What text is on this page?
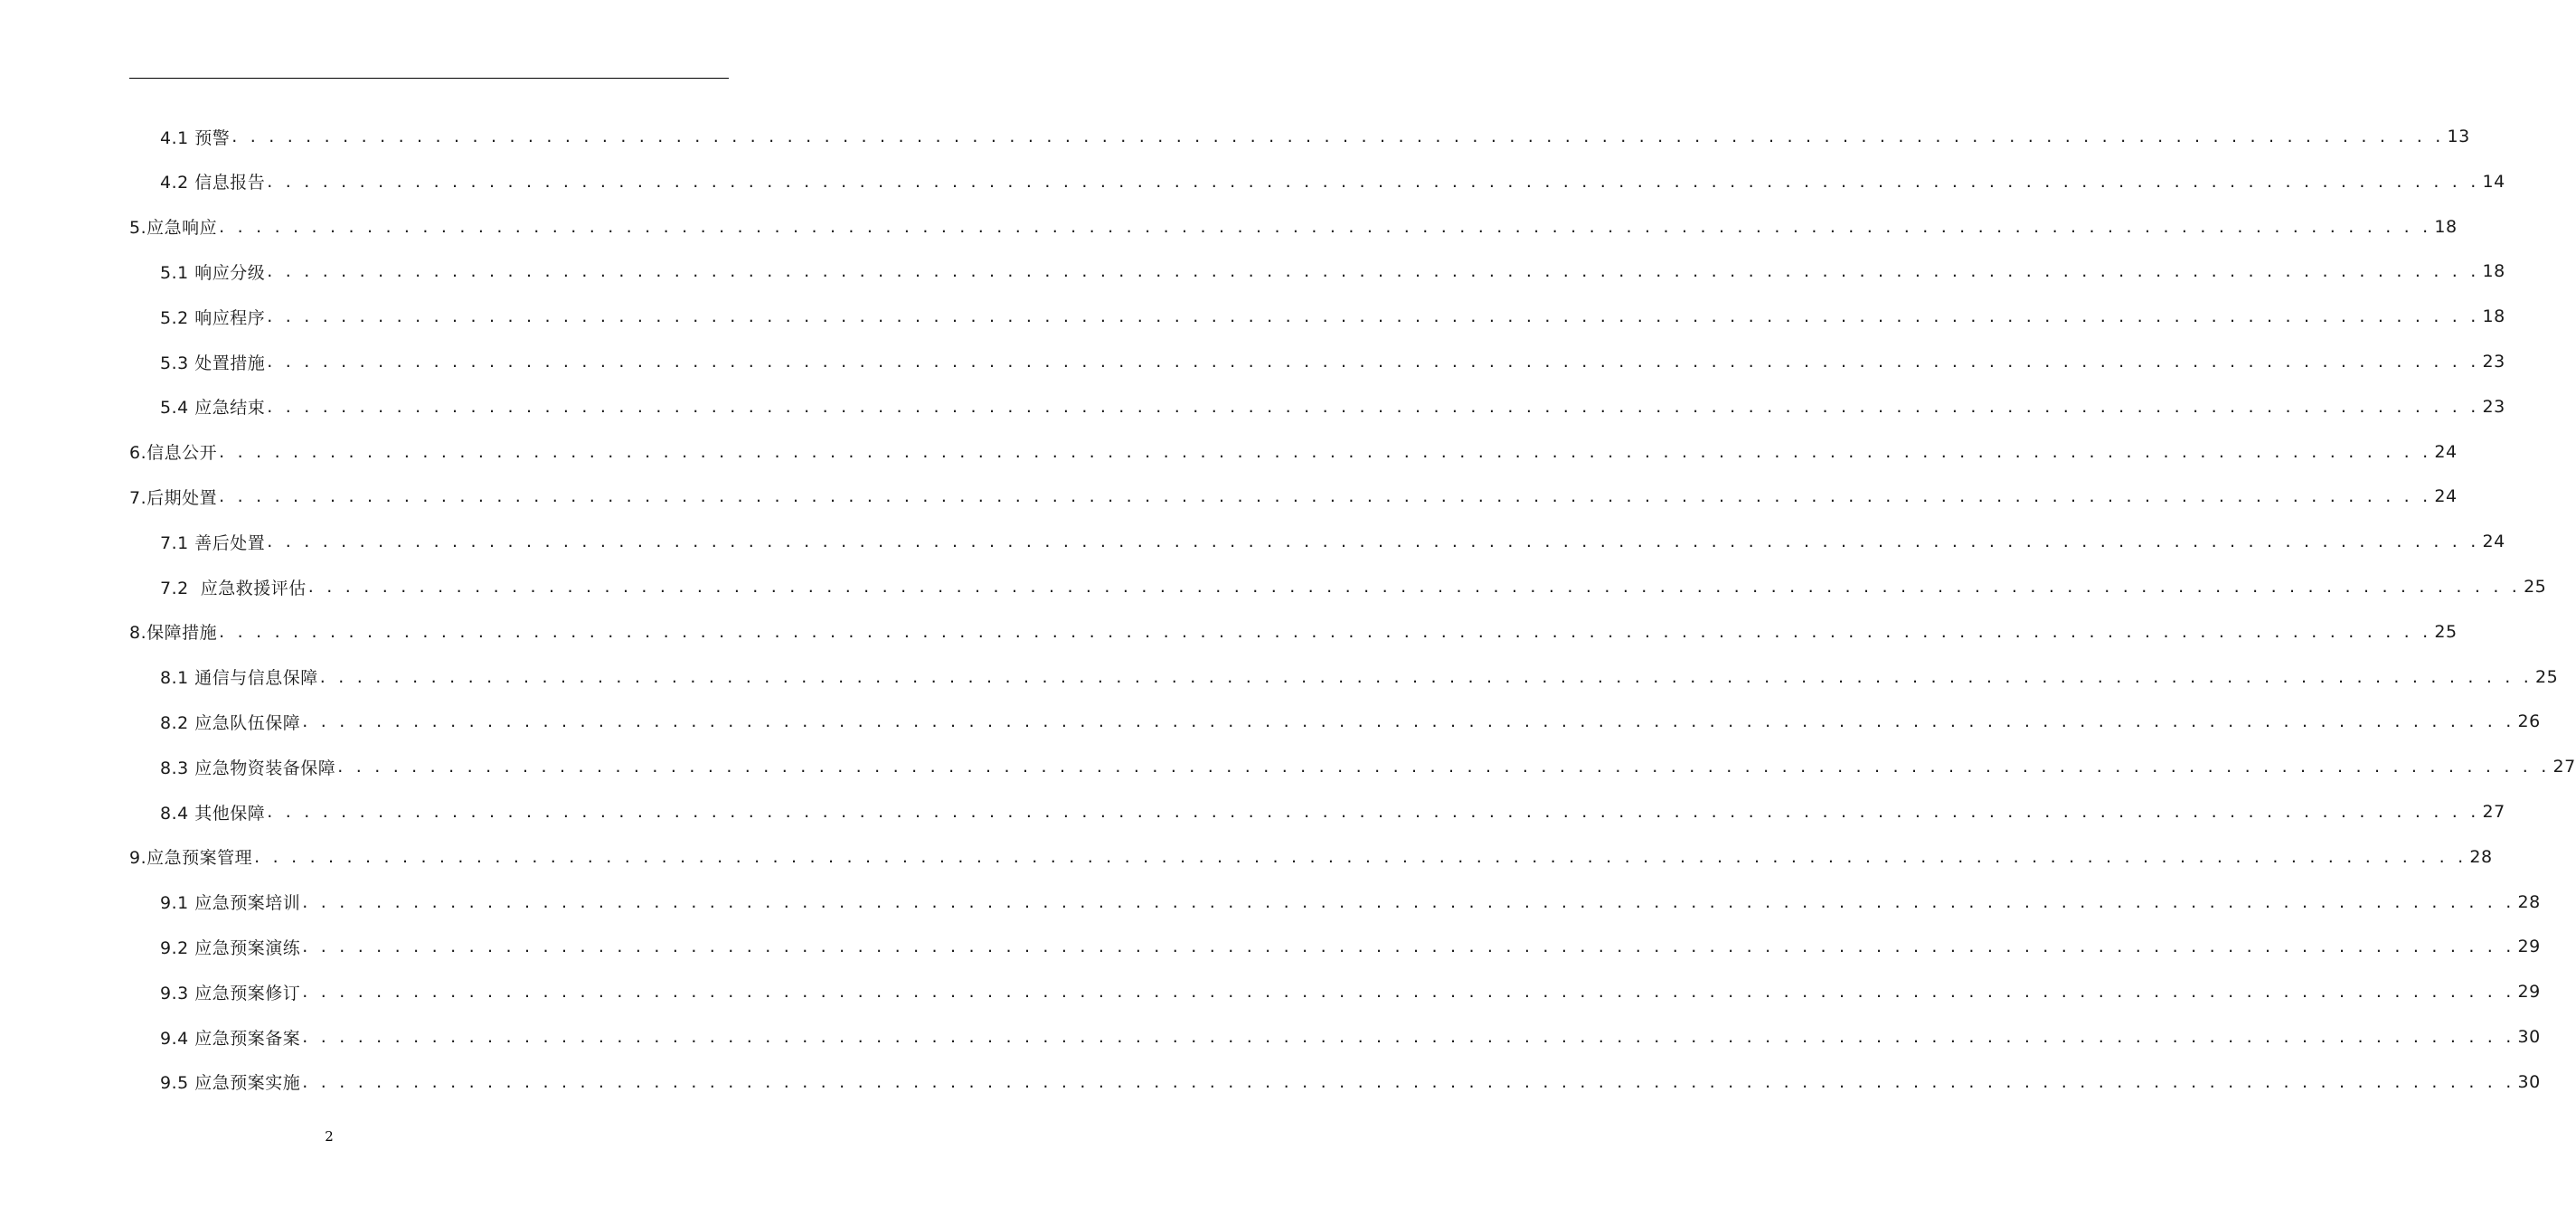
4.1 预警 . . . . . . . . . . . . . . . . . . . . . . . . . . . . . . . . . . . . . . . . . . . . . . . . . . . . . . . . . . . . . . . . . . . . . . . . . . . . . . . . . . . . . . . . . . . . . . . . . . . . . . . . . . . . . . . . . . . . . . . . 13
4.2 信息报告 . . . . . . . . . . . . . . . . . . . . . . . . . . . . . . . . . . . . . . . . . . . . . . . . . . . . . . . . . . . . . . . . . . . . . . . . . . . . . . . . . . . . . . . . . . . . . . . . . . . . . . . . . . . . . . . . . . . . . . . . 14
5.应急响应 . . . . . . . . . . . . . . . . . . . . . . . . . . . . . . . . . . . . . . . . . . . . . . . . . . . . . . . . . . . . . . . . . . . . . . . . . . . . . . . . . . . . . . . . . . . . . . . . . . . . . . . . . . . . . . . . . . . . . . . . 18
5.1 响应分级 . . . . . . . . . . . . . . . . . . . . . . . . . . . . . . . . . . . . . . . . . . . . . . . . . . . . . . . . . . . . . . . . . . . . . . . . . . . . . . . . . . . . . . . . . . . . . . . . . . . . . . . . . . . . . . . . . . . . . . . . 18
5.2 响应程序 . . . . . . . . . . . . . . . . . . . . . . . . . . . . . . . . . . . . . . . . . . . . . . . . . . . . . . . . . . . . . . . . . . . . . . . . . . . . . . . . . . . . . . . . . . . . . . . . . . . . . . . . . . . . . . . . . . . . . . . . 18
5.3 处置措施 . . . . . . . . . . . . . . . . . . . . . . . . . . . . . . . . . . . . . . . . . . . . . . . . . . . . . . . . . . . . . . . . . . . . . . . . . . . . . . . . . . . . . . . . . . . . . . . . . . . . . . . . . . . . . . . . . . . . . . . . 23
5.4 应急结束 . . . . . . . . . . . . . . . . . . . . . . . . . . . . . . . . . . . . . . . . . . . . . . . . . . . . . . . . . . . . . . . . . . . . . . . . . . . . . . . . . . . . . . . . . . . . . . . . . . . . . . . . . . . . . . . . . . . . . . . . 23
6.信息公开 . . . . . . . . . . . . . . . . . . . . . . . . . . . . . . . . . . . . . . . . . . . . . . . . . . . . . . . . . . . . . . . . . . . . . . . . . . . . . . . . . . . . . . . . . . . . . . . . . . . . . . . . . . . . . . . . . . . . . . . . 24
7.后期处置 . . . . . . . . . . . . . . . . . . . . . . . . . . . . . . . . . . . . . . . . . . . . . . . . . . . . . . . . . . . . . . . . . . . . . . . . . . . . . . . . . . . . . . . . . . . . . . . . . . . . . . . . . . . . . . . . . . . . . . . . 24
7.1 善后处置 . . . . . . . . . . . . . . . . . . . . . . . . . . . . . . . . . . . . . . . . . . . . . . . . . . . . . . . . . . . . . . . . . . . . . . . . . . . . . . . . . . . . . . . . . . . . . . . . . . . . . . . . . . . . . . . . . . . . . . . . 24
7.2  应急救援评估 . . . . . . . . . . . . . . . . . . . . . . . . . . . . . . . . . . . . . . . . . . . . . . . . . . . . . . . . . . . . . . . . . . . . . . . . . . . . . . . . . . . . . . . . . . . . . . . . . . . . . . . . . . . . . . . . . . . . . . . . 25
8.保障措施 . . . . . . . . . . . . . . . . . . . . . . . . . . . . . . . . . . . . . . . . . . . . . . . . . . . . . . . . . . . . . . . . . . . . . . . . . . . . . . . . . . . . . . . . . . . . . . . . . . . . . . . . . . . . . . . . . . . . . . . . 25
8.1 通信与信息保障 . . . . . . . . . . . . . . . . . . . . . . . . . . . . . . . . . . . . . . . . . . . . . . . . . . . . . . . . . . . . . . . . . . . . . . . . . . . . . . . . . . . . . . . . . . . . . . . . . . . . . . . . . . . . . . . . . . . . . . . . 25
8.2 应急队伍保障 . . . . . . . . . . . . . . . . . . . . . . . . . . . . . . . . . . . . . . . . . . . . . . . . . . . . . . . . . . . . . . . . . . . . . . . . . . . . . . . . . . . . . . . . . . . . . . . . . . . . . . . . . . . . . . . . . . . . . . . . 26
8.3 应急物资装备保障 . . . . . . . . . . . . . . . . . . . . . . . . . . . . . . . . . . . . . . . . . . . . . . . . . . . . . . . . . . . . . . . . . . . . . . . . . . . . . . . . . . . . . . . . . . . . . . . . . . . . . . . . . . . . . . . . . . . . . . . . 27
8.4 其他保障 . . . . . . . . . . . . . . . . . . . . . . . . . . . . . . . . . . . . . . . . . . . . . . . . . . . . . . . . . . . . . . . . . . . . . . . . . . . . . . . . . . . . . . . . . . . . . . . . . . . . . . . . . . . . . . . . . . . . . . . . 27
9.应急预案管理 . . . . . . . . . . . . . . . . . . . . . . . . . . . . . . . . . . . . . . . . . . . . . . . . . . . . . . . . . . . . . . . . . . . . . . . . . . . . . . . . . . . . . . . . . . . . . . . . . . . . . . . . . . . . . . . . . . . . . . . . 28
9.1 应急预案培训 . . . . . . . . . . . . . . . . . . . . . . . . . . . . . . . . . . . . . . . . . . . . . . . . . . . . . . . . . . . . . . . . . . . . . . . . . . . . . . . . . . . . . . . . . . . . . . . . . . . . . . . . . . . . . . . . . . . . . . . . 28
9.2 应急预案演练 . . . . . . . . . . . . . . . . . . . . . . . . . . . . . . . . . . . . . . . . . . . . . . . . . . . . . . . . . . . . . . . . . . . . . . . . . . . . . . . . . . . . . . . . . . . . . . . . . . . . . . . . . . . . . . . . . . . . . . . . 29
9.3 应急预案修订 . . . . . . . . . . . . . . . . . . . . . . . . . . . . . . . . . . . . . . . . . . . . . . . . . . . . . . . . . . . . . . . . . . . . . . . . . . . . . . . . . . . . . . . . . . . . . . . . . . . . . . . . . . . . . . . . . . . . . . . . 29
9.4 应急预案备案 . . . . . . . . . . . . . . . . . . . . . . . . . . . . . . . . . . . . . . . . . . . . . . . . . . . . . . . . . . . . . . . . . . . . . . . . . . . . . . . . . . . . . . . . . . . . . . . . . . . . . . . . . . . . . . . . . . . . . . . . 30
9.5 应急预案实施 . . . . . . . . . . . . . . . . . . . . . . . . . . . . . . . . . . . . . . . . . . . . . . . . . . . . . . . . . . . . . . . . . . . . . . . . . . . . . . . . . . . . . . . . . . . . . . . . . . . . . . . . . . . . . . . . . . . . . . . . 30
2
